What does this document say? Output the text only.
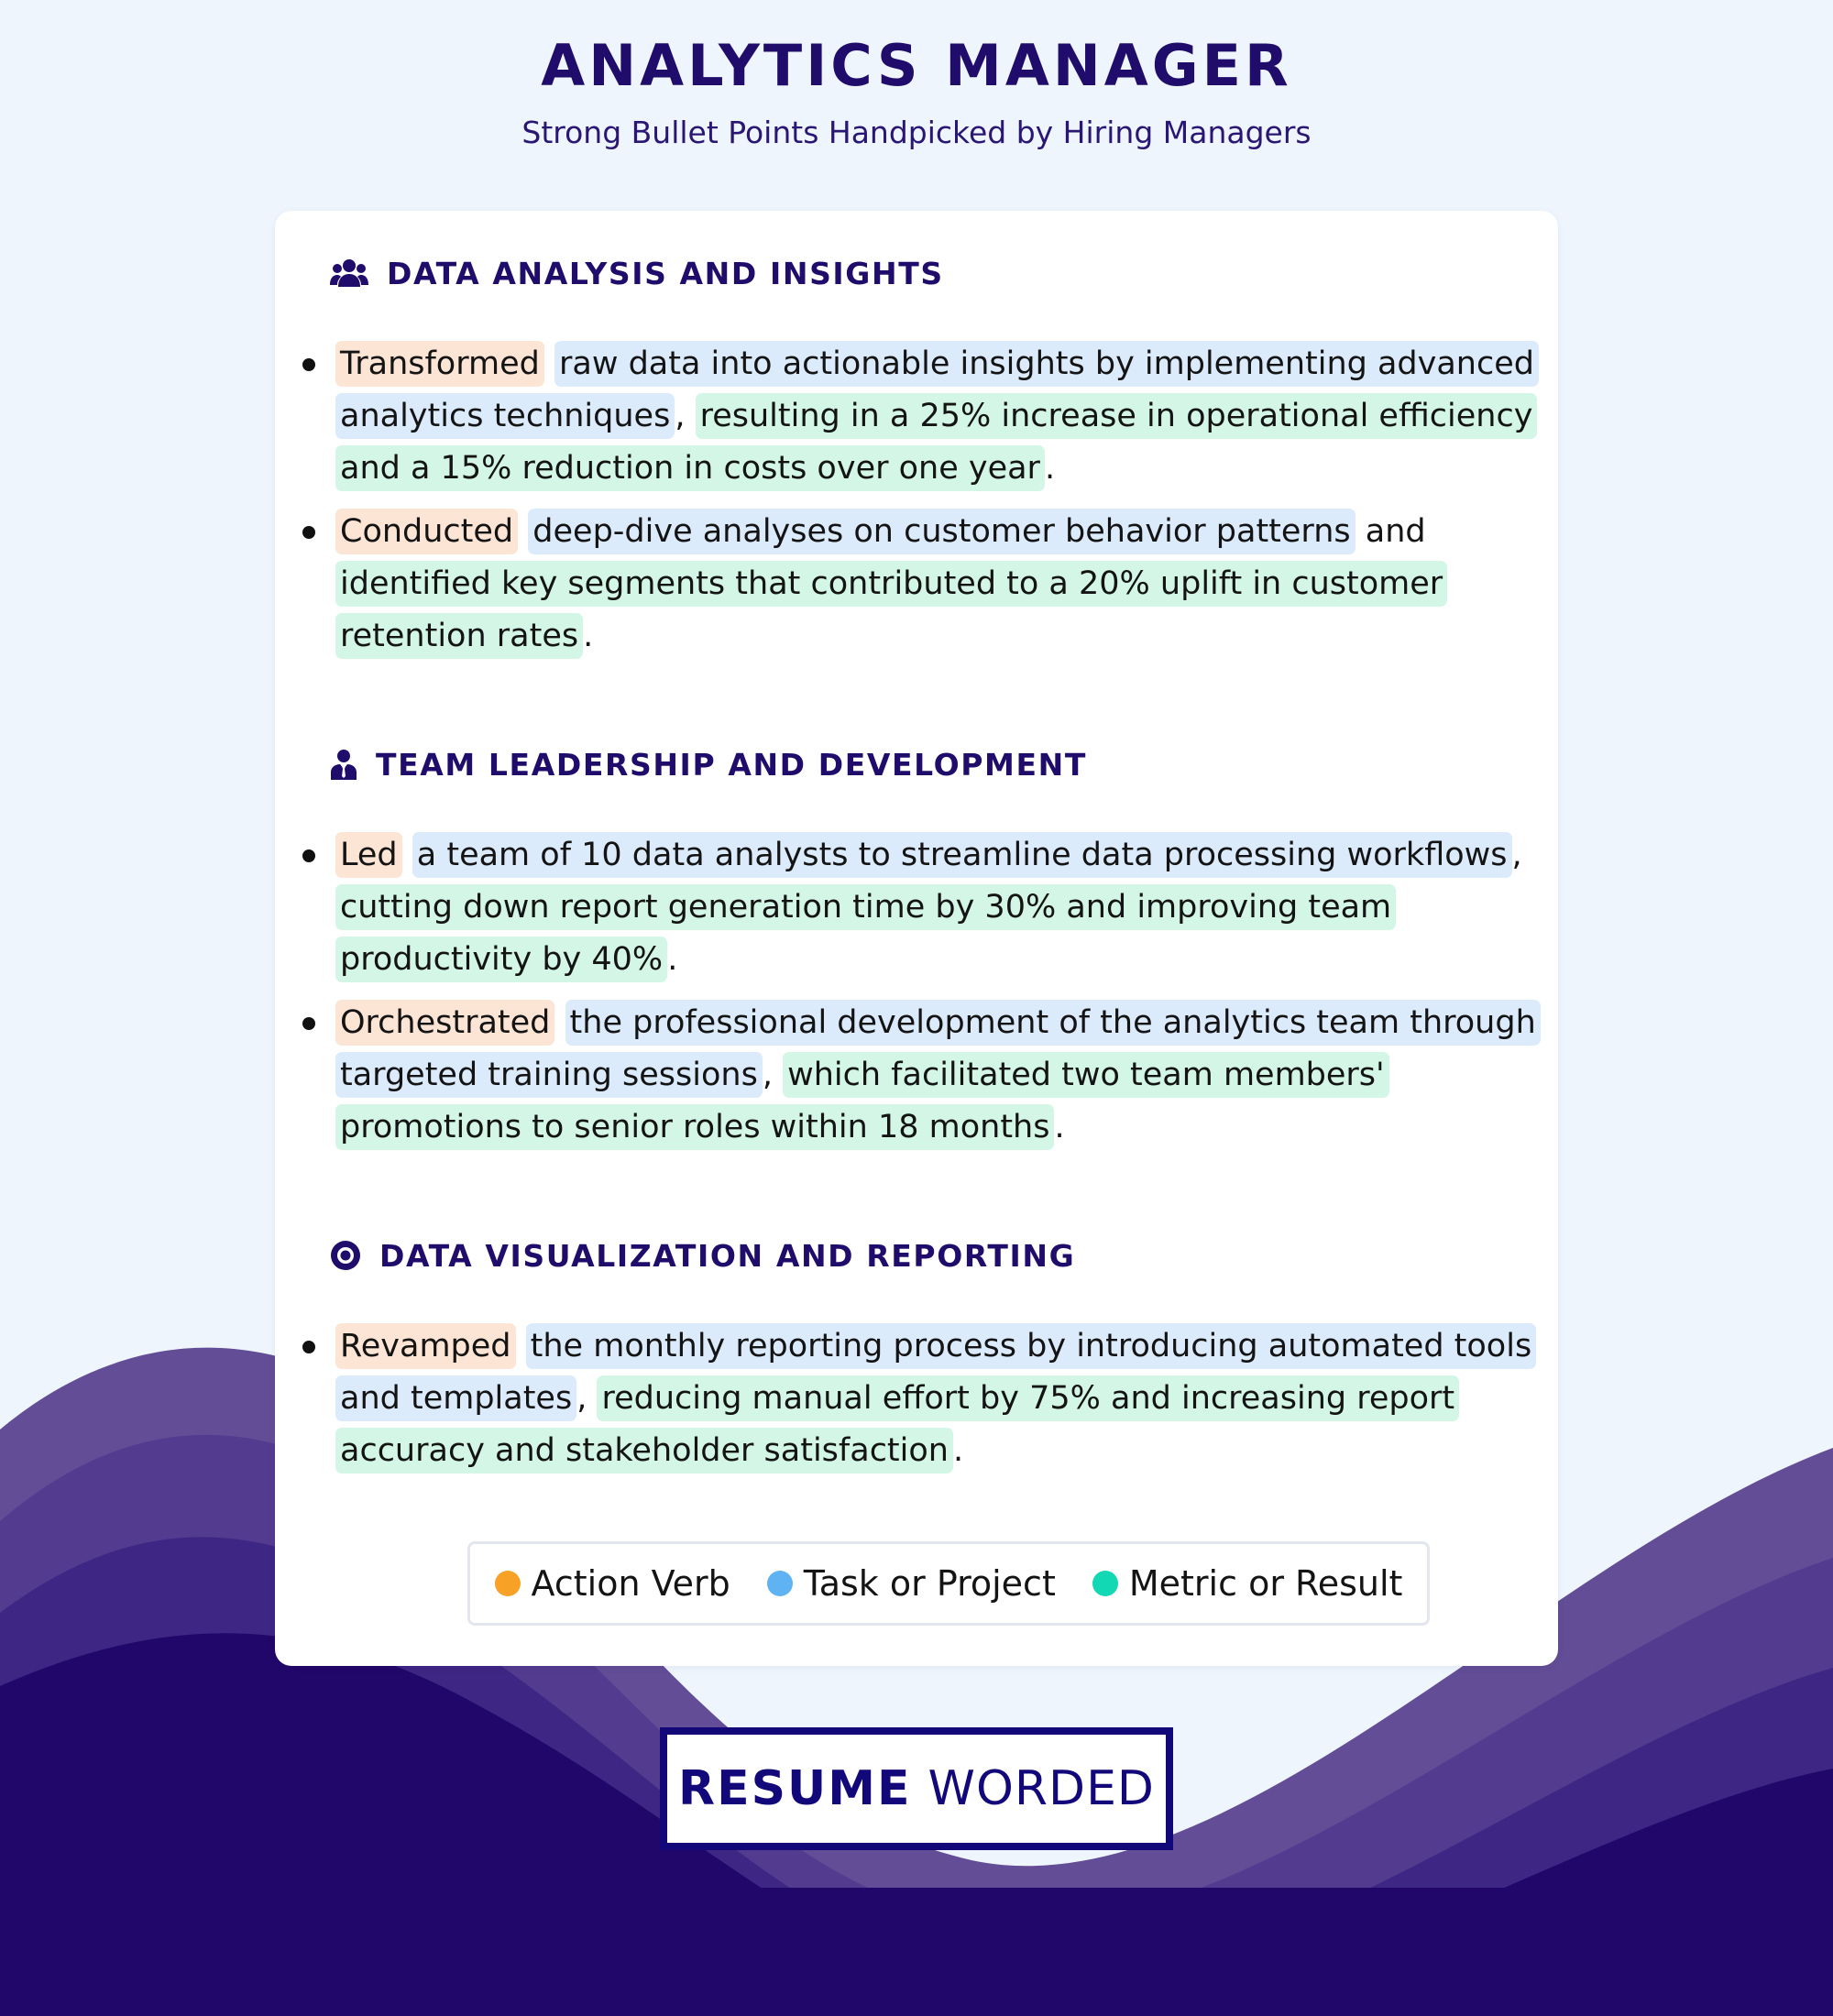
ANALYTICS MANAGER
Strong Bullet Points Handpicked by Hiring Managers
DATA ANALYSIS AND INSIGHTS
Transformed raw data into actionable insights by implementing advanced analytics techniques , resulting in a 25% increase in operational efficiency and a 15% reduction in costs over one year .
Conducted deep-dive analyses on customer behavior patterns and identified key segments that contributed to a 20% uplift in customer retention rates .
TEAM LEADERSHIP AND DEVELOPMENT
Led a team of 10 data analysts to streamline data processing workflows , cutting down report generation time by 30% and improving team productivity by 40% .
Orchestrated the professional development of the analytics team through targeted training sessions , which facilitated two team members' promotions to senior roles within 18 months .
DATA VISUALIZATION AND REPORTING
Revamped the monthly reporting process by introducing automated tools and templates , reducing manual effort by 75% and increasing report accuracy and stakeholder satisfaction .
Action Verb Task or Project Metric or Result
RESUME WORDED
